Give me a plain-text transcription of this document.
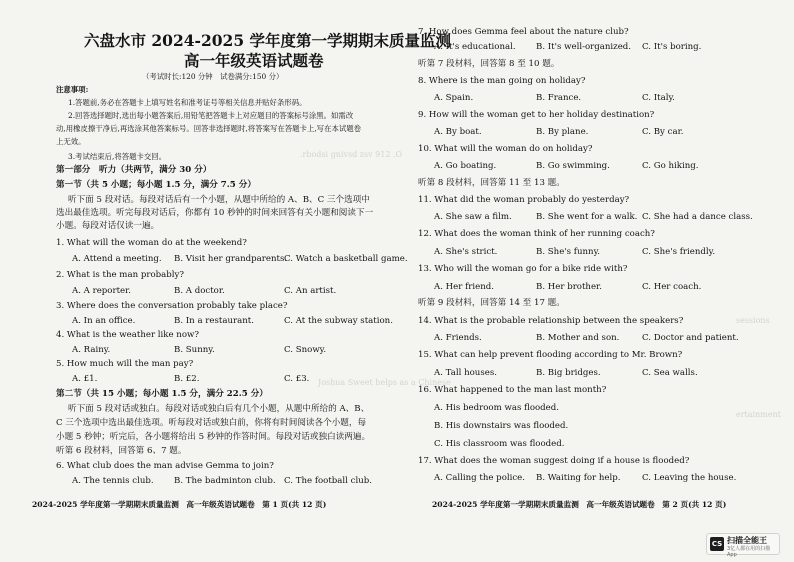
.rbodsi gnivsd zsv 912 .O
Joshua Sweet helps as a Chinese
sessions
ertainment
六盘水市 2024-2025 学年度第一学期期末质量监测
高一年级英语试题卷
（考试时长:120 分钟　试卷满分:150 分）
注意事项:
1.答题前,务必在答题卡上填写姓名和准考证号等相关信息并贴好条形码。
2.回答选择题时,选出每小题答案后,用铅笔把答题卡上对应题目的答案标号涂黑。如需改
动,用橡皮擦干净后,再选涂其他答案标号。回答非选择题时,将答案写在答题卡上,写在本试题卷
上无效。
3.考试结束后,将答题卡交回。
第一部分　听力（共两节，满分 30 分）
第一节（共 5 小题；每小题 1.5 分，满分 7.5 分）
听下面 5 段对话。每段对话后有一个小题，从题中所给的 A、B、C 三个选项中
选出最佳选项。听完每段对话后，你都有 10 秒钟的时间来回答有关小题和阅读下一
小题。每段对话仅读一遍。
1. What will the woman do at the weekend?
A. Attend a meeting. B. Visit her grandparents.
C. Watch a basketball game.
2. What is the man probably?
A. A reporter.	B. A doctor.	C. An artist.
3. Where does the conversation probably take place?
A. In an office.	B. In a restaurant.	C. At the subway station.
4. What is the weather like now?
A. Rainy.	B. Sunny.	C. Snowy.
5. How much will the man pay?
A. £1.	B. £2.	C. £3.
第二节（共 15 小题；每小题 1.5 分，满分 22.5 分）
听下面 5 段对话或独白。每段对话或独白后有几个小题，从题中所给的 A、B、
C 三个选项中选出最佳选项。听每段对话或独白前，你将有时间阅读各个小题，每
小题 5 秒钟；听完后，各小题将给出 5 秒钟的作答时间。每段对话或独白读两遍。
听第 6 段材料，回答第 6、7 题。
6. What club does the man advise Gemma to join?
A. The tennis club. B. The badminton club. C. The football club.
2024-2025 学年度第一学期期末质量监测　高一年级英语试题卷　第 1 页(共 12 页)
7. How does Gemma feel about the nature club?
A. It's educational. B. It's well-organized. C. It's boring.
听第 7 段材料，回答第 8 至 10 题。
8. Where is the man going on holiday?
A. Spain.	B. France.	C. Italy.
9. How will the woman get to her holiday destination?
A. By boat.	B. By plane.	C. By car.
10. What will the woman do on holiday?
A. Go boating.	B. Go swimming.	C. Go hiking.
听第 8 段材料，回答第 11 至 13 题。
11. What did the woman probably do yesterday?
A. She saw a film.	B. She went for a walk. C. She had a dance class.
12. What does the woman think of her running coach?
A. She's strict.	B. She's funny.	C. She's friendly.
13. Who will the woman go for a bike ride with?
A. Her friend.	B. Her brother.	C. Her coach.
听第 9 段材料，回答第 14 至 17 题。
14. What is the probable relationship between the speakers?
A. Friends.	B. Mother and son.	C. Doctor and patient.
15. What can help prevent flooding according to Mr. Brown?
A. Tall houses.	B. Big bridges.	C. Sea walls.
16. What happened to the man last month?
A. His bedroom was flooded.
B. His downstairs was flooded.
C. His classroom was flooded.
17. What does the woman suggest doing if a house is flooded?
A. Calling the police. B. Waiting for help. C. Leaving the house.
2024-2025 学年度第一学期期末质量监测　高一年级英语试题卷　第 2 页(共 12 页)
CS 扫描全能王
3亿人都在用的扫描App
